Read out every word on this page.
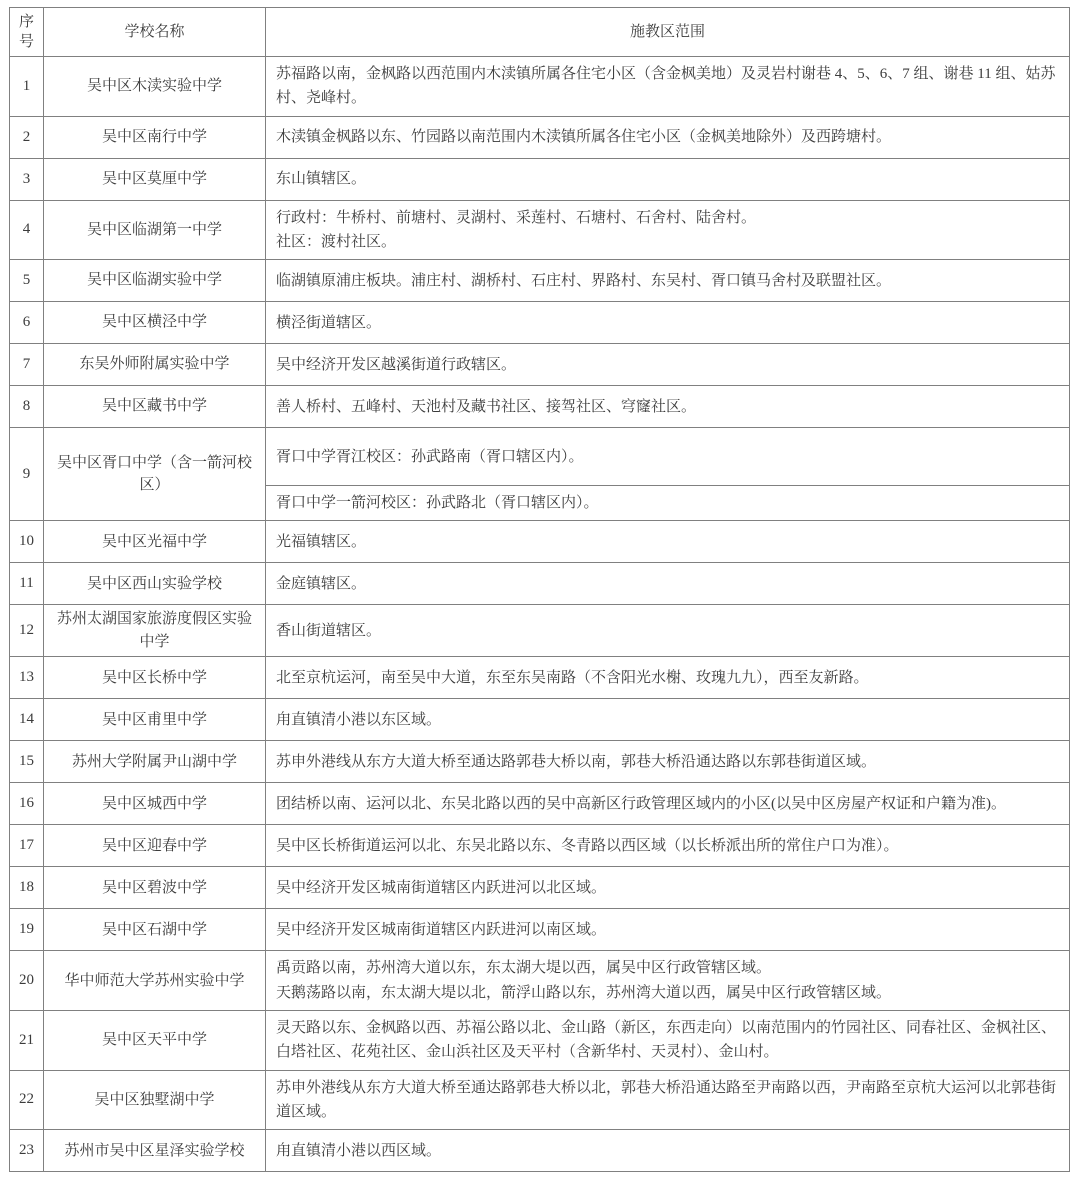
序号	学校名称	施教区范围
1	吴中区木渎实验中学	苏福路以南，金枫路以西范围内木渎镇所属各住宅小区（含金枫美地）及灵岩村谢巷 4、5、6、7 组、谢巷 11 组、姑苏村、尧峰村。

2	吴中区南行中学	木渎镇金枫路以东、竹园路以南范围内木渎镇所属各住宅小区（金枫美地除外）及西跨塘村。

3	吴中区莫厘中学	东山镇辖区。

4	吴中区临湖第一中学	行政村：牛桥村、前塘村、灵湖村、采莲村、石塘村、石舍村、陆舍村。
社区：渡村社区。

5	吴中区临湖实验中学	临湖镇原浦庄板块。浦庄村、湖桥村、石庄村、界路村、东吴村、胥口镇马舍村及联盟社区。

6	吴中区横泾中学	横泾街道辖区。

7	东吴外师附属实验中学	吴中经济开发区越溪街道行政辖区。

8	吴中区藏书中学	善人桥村、五峰村、天池村及藏书社区、接驾社区、穹窿社区。

9	吴中区胥口中学（含一箭河校区）	胥口中学胥江校区：孙武路南（胥口辖区内）。
胥口中学一箭河校区：孙武路北（胥口辖区内）。

10	吴中区光福中学	光福镇辖区。

11	吴中区西山实验学校	金庭镇辖区。

12	苏州太湖国家旅游度假区实验中学	香山街道辖区。

13	吴中区长桥中学	北至京杭运河，南至吴中大道，东至东吴南路（不含阳光水榭、玫瑰九九），西至友新路。

14	吴中区甫里中学	甪直镇清小港以东区域。

15	苏州大学附属尹山湖中学	苏申外港线从东方大道大桥至通达路郭巷大桥以南，郭巷大桥沿通达路以东郭巷街道区域。

16	吴中区城西中学	团结桥以南、运河以北、东吴北路以西的吴中高新区行政管理区域内的小区(以吴中区房屋产权证和户籍为准)。

17	吴中区迎春中学	吴中区长桥街道运河以北、东吴北路以东、冬青路以西区域（以长桥派出所的常住户口为准）。

18	吴中区碧波中学	吴中经济开发区城南街道辖区内跃进河以北区域。

19	吴中区石湖中学	吴中经济开发区城南街道辖区内跃进河以南区域。

20	华中师范大学苏州实验中学	禹贡路以南，苏州湾大道以东，东太湖大堤以西，属吴中区行政管辖区域。
天鹅荡路以南，东太湖大堤以北，箭浮山路以东，苏州湾大道以西，属吴中区行政管辖区域。

21	吴中区天平中学	灵天路以东、金枫路以西、苏福公路以北、金山路（新区，东西走向）以南范围内的竹园社区、同春社区、金枫社区、白塔社区、花苑社区、金山浜社区及天平村（含新华村、天灵村）、金山村。

22	吴中区独墅湖中学	苏申外港线从东方大道大桥至通达路郭巷大桥以北，郭巷大桥沿通达路至尹南路以西，尹南路至京杭大运河以北郭巷街道区域。

23	苏州市吴中区星泽实验学校	甪直镇清小港以西区域。
